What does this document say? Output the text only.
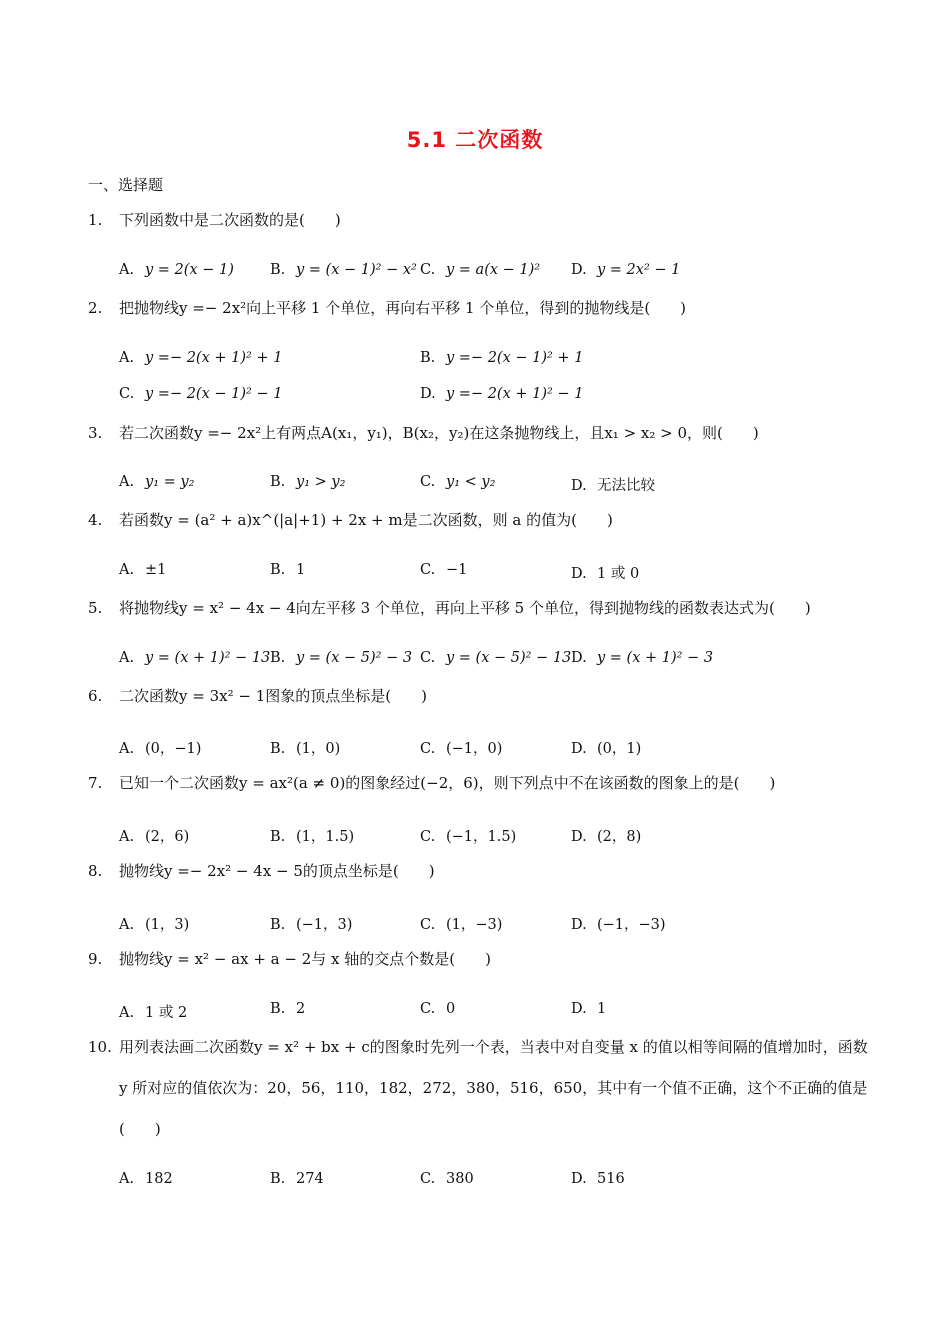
5.1 二次函数
一、选择题
1.	下列函数中是二次函数的是(　　)
A. y = 2(x − 1) B. y = (x − 1)² − x² C. y = a(x − 1)² D. y = 2x² − 1
2.	把抛物线y =− 2x²向上平移 1 个单位，再向右平移 1 个单位，得到的抛物线是(　　)
A. y =− 2(x + 1)² + 1	B. y =− 2(x − 1)² + 1
C. y =− 2(x − 1)² − 1	D. y =− 2(x + 1)² − 1
3.	若二次函数y =− 2x²上有两点A(x₁，y₁)，B(x₂，y₂)在这条抛物线上，且x₁ > x₂ > 0，则(　　)
A. y₁ = y₂	B. y₁ > y₂	C. y₁ < y₂	D. 无法比较
4.	若函数y = (a² + a)x^(|a|+1) + 2x + m是二次函数，则 a 的值为(　　)
A. ±1	B. 1	C. −1	D. 1 或 0
5.	将抛物线y = x² − 4x − 4向左平移 3 个单位，再向上平移 5 个单位，得到抛物线的函数表达式为(　　)
A. y = (x + 1)² − 13 B. y = (x − 5)² − 3 C. y = (x − 5)² − 13 D. y = (x + 1)² − 3
6.	二次函数y = 3x² − 1图象的顶点坐标是(　　)
A. (0，−1)	B. (1，0)	C. (−1，0)	D. (0，1)
7.	已知一个二次函数y = ax²(a ≠ 0)的图象经过(−2，6)，则下列点中不在该函数的图象上的是(　　)
A. (2，6)	B. (1，1.5)	C. (−1，1.5)	D. (2，8)
8.	抛物线y =− 2x² − 4x − 5的顶点坐标是(　　)
A. (1，3)	B. (−1，3)	C. (1，−3)	D. (−1，−3)
9.	抛物线y = x² − ax + a − 2与 x 轴的交点个数是(　　)
A. 1 或 2	B. 2	C. 0	D. 1
10. 用列表法画二次函数y = x² + bx + c的图象时先列一个表，当表中对自变量 x 的值以相等间隔的值增加时，函数 y 所对应的值依次为：20，56，110，182，272，380，516，650，其中有一个值不正确，这个不正确的值是(　　)
A. 182	B. 274	C. 380	D. 516
